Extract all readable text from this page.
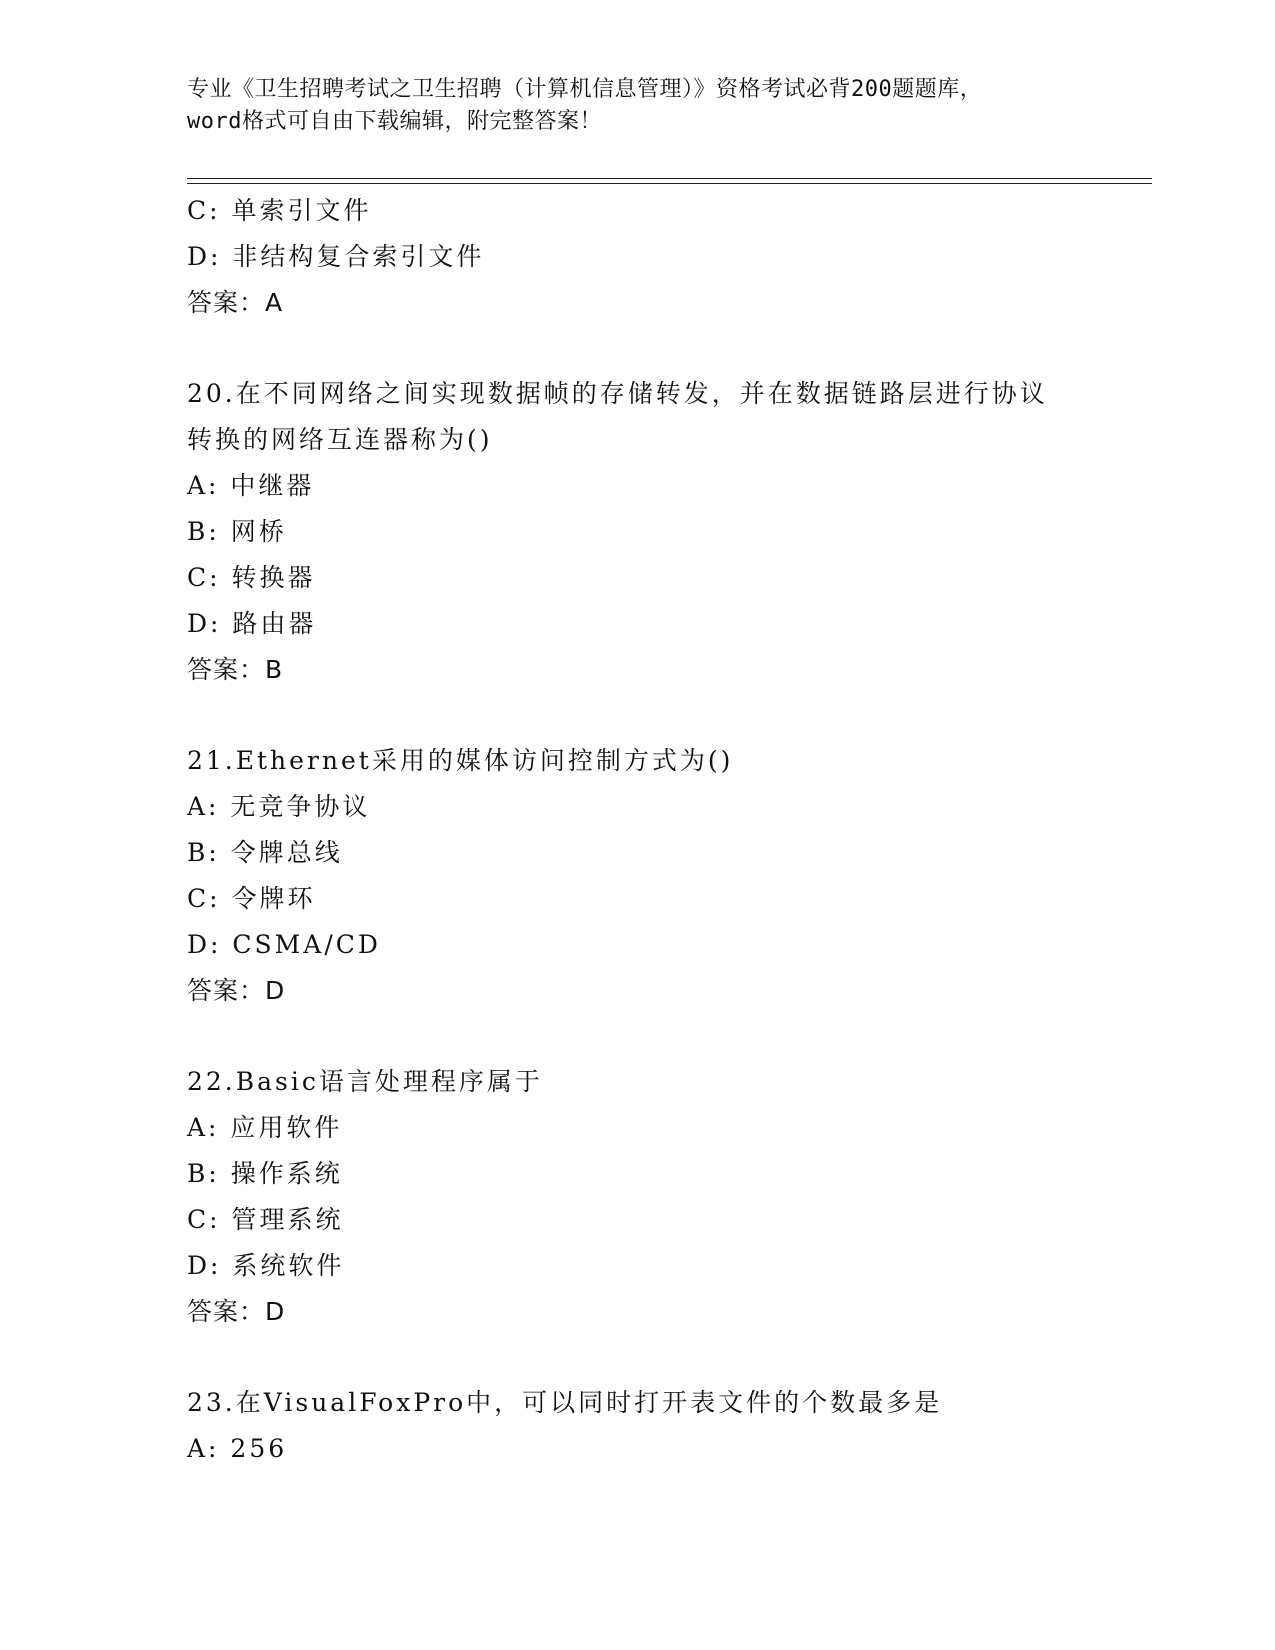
专业《卫生招聘考试之卫生招聘（计算机信息管理）》资格考试必背200题题库，
word格式可自由下载编辑，附完整答案！
C: 单索引文件
D: 非结构复合索引文件
答案：A
20.在不同网络之间实现数据帧的存储转发，并在数据链路层进行协议
转换的网络互连器称为()
A: 中继器
B: 网桥
C: 转换器
D: 路由器
答案：B
21.Ethernet采用的媒体访问控制方式为()
A: 无竞争协议
B: 令牌总线
C: 令牌环
D: CSMA/CD
答案：D
22.Basic语言处理程序属于
A: 应用软件
B: 操作系统
C: 管理系统
D: 系统软件
答案：D
23.在VisualFoxPro中，可以同时打开表文件的个数最多是
A: 256
